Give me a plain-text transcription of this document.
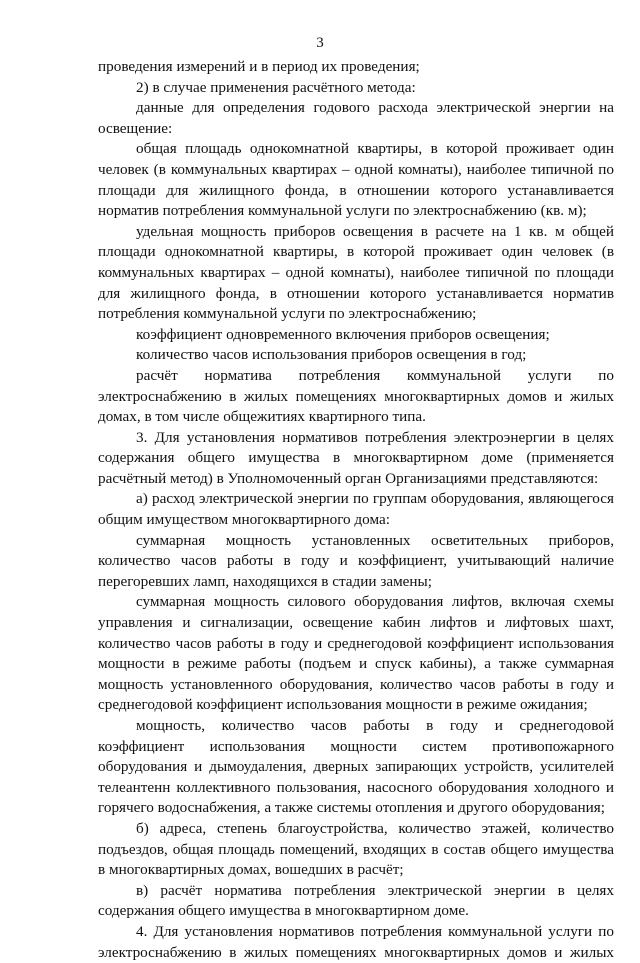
3

проведения измерений и в период их проведения;

2) в случае применения расчётного метода:

данные для определения годового расхода электрической энергии на освещение:

общая площадь однокомнатной квартиры, в которой проживает один человек (в коммунальных квартирах – одной комнаты), наиболее типичной по площади для жилищного фонда, в отношении которого устанавливается норматив потребления коммунальной услуги по электроснабжению (кв. м);

удельная мощность приборов освещения в расчете на 1 кв. м общей площади однокомнатной квартиры, в которой проживает один человек (в коммунальных квартирах – одной комнаты), наиболее типичной по площади для жилищного фонда, в отношении которого устанавливается норматив потребления коммунальной услуги по электроснабжению;

коэффициент одновременного включения приборов освещения;

количество часов использования приборов освещения в год;

расчёт норматива потребления коммунальной услуги по электроснабжению в жилых помещениях многоквартирных домов и жилых домах, в том числе общежитиях квартирного типа.

3. Для установления нормативов потребления электроэнергии в целях содержания общего имущества в многоквартирном доме (применяется расчётный метод) в Уполномоченный орган Организациями представляются:

а) расход электрической энергии по группам оборудования, являющегося общим имуществом многоквартирного дома:

суммарная мощность установленных осветительных приборов, количество часов работы в году и коэффициент, учитывающий наличие перегоревших ламп, находящихся в стадии замены;

суммарная мощность силового оборудования лифтов, включая схемы управления и сигнализации, освещение кабин лифтов и лифтовых шахт, количество часов работы в году и среднегодовой коэффициент использования мощности в режиме работы (подъем и спуск кабины), а также суммарная мощность установленного оборудования, количество часов работы в году и среднегодовой коэффициент использования мощности в режиме ожидания;

мощность, количество часов работы в году и среднегодовой коэффициент использования мощности систем противопожарного оборудования и дымоудаления, дверных запирающих устройств, усилителей телеантенн коллективного пользования, насосного оборудования холодного и горячего водоснабжения, а также системы отопления и другого оборудования;

б) адреса, степень благоустройства, количество этажей, количество подъездов, общая площадь помещений, входящих в состав общего имущества в многоквартирных домах, вошедших в расчёт;

в) расчёт норматива потребления электрической энергии в целях содержания общего имущества в многоквартирном доме.

4. Для установления нормативов потребления коммунальной услуги по электроснабжению в жилых помещениях многоквартирных домов и жилых
